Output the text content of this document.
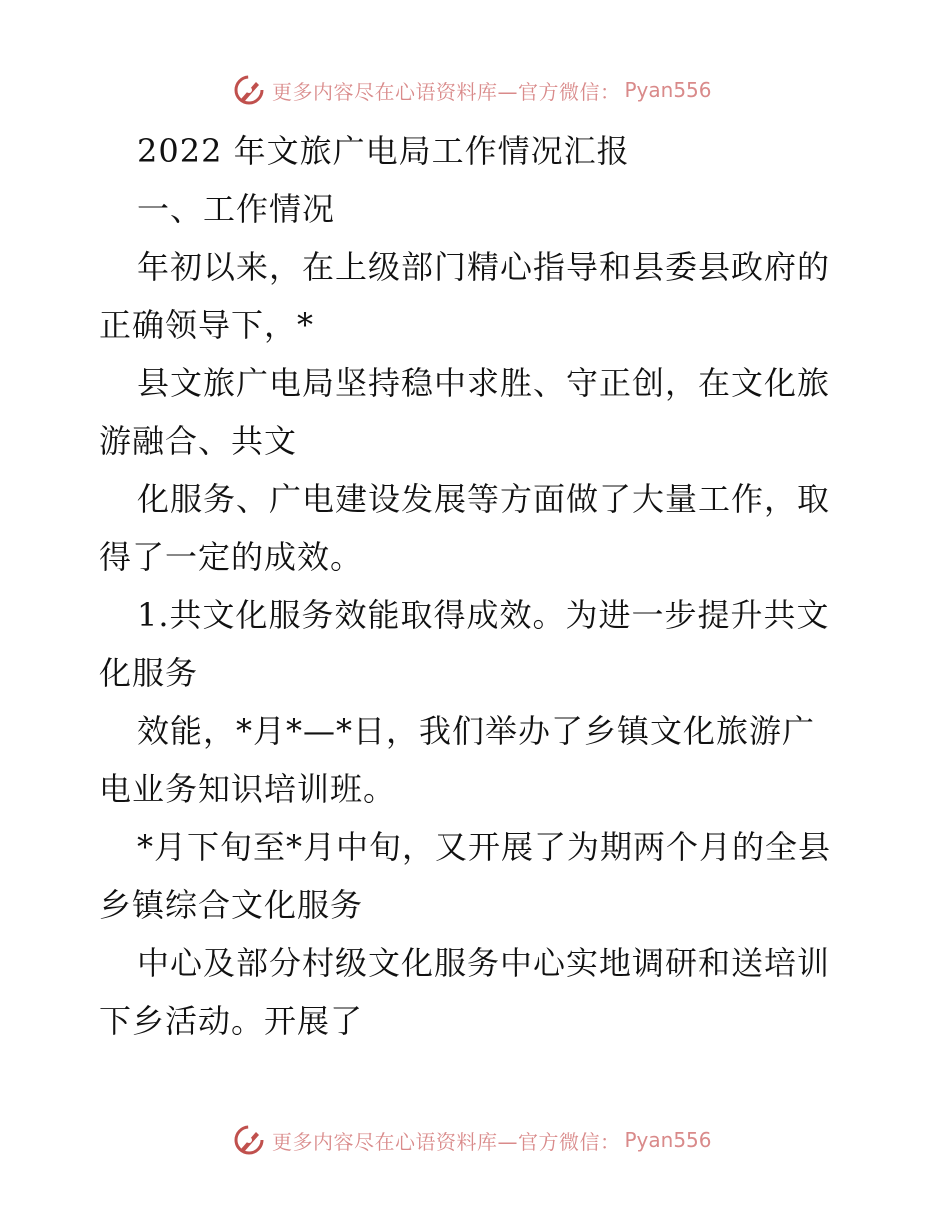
更多内容尽在心语资料库—官方微信： Pyan556
2022 年文旅广电局工作情况汇报
一、工作情况
年初以来，在上级部门精心指导和县委县政府的
正确领导下，*
县文旅广电局坚持稳中求胜、守正创，在文化旅
游融合、共文
化服务、广电建设发展等方面做了大量工作，取
得了一定的成效。
1.共文化服务效能取得成效。为进一步提升共文
化服务
效能，*月*—*日，我们举办了乡镇文化旅游广
电业务知识培训班。
*月下旬至*月中旬，又开展了为期两个月的全县
乡镇综合文化服务
中心及部分村级文化服务中心实地调研和送培训
下乡活动。开展了
更多内容尽在心语资料库—官方微信： Pyan556
